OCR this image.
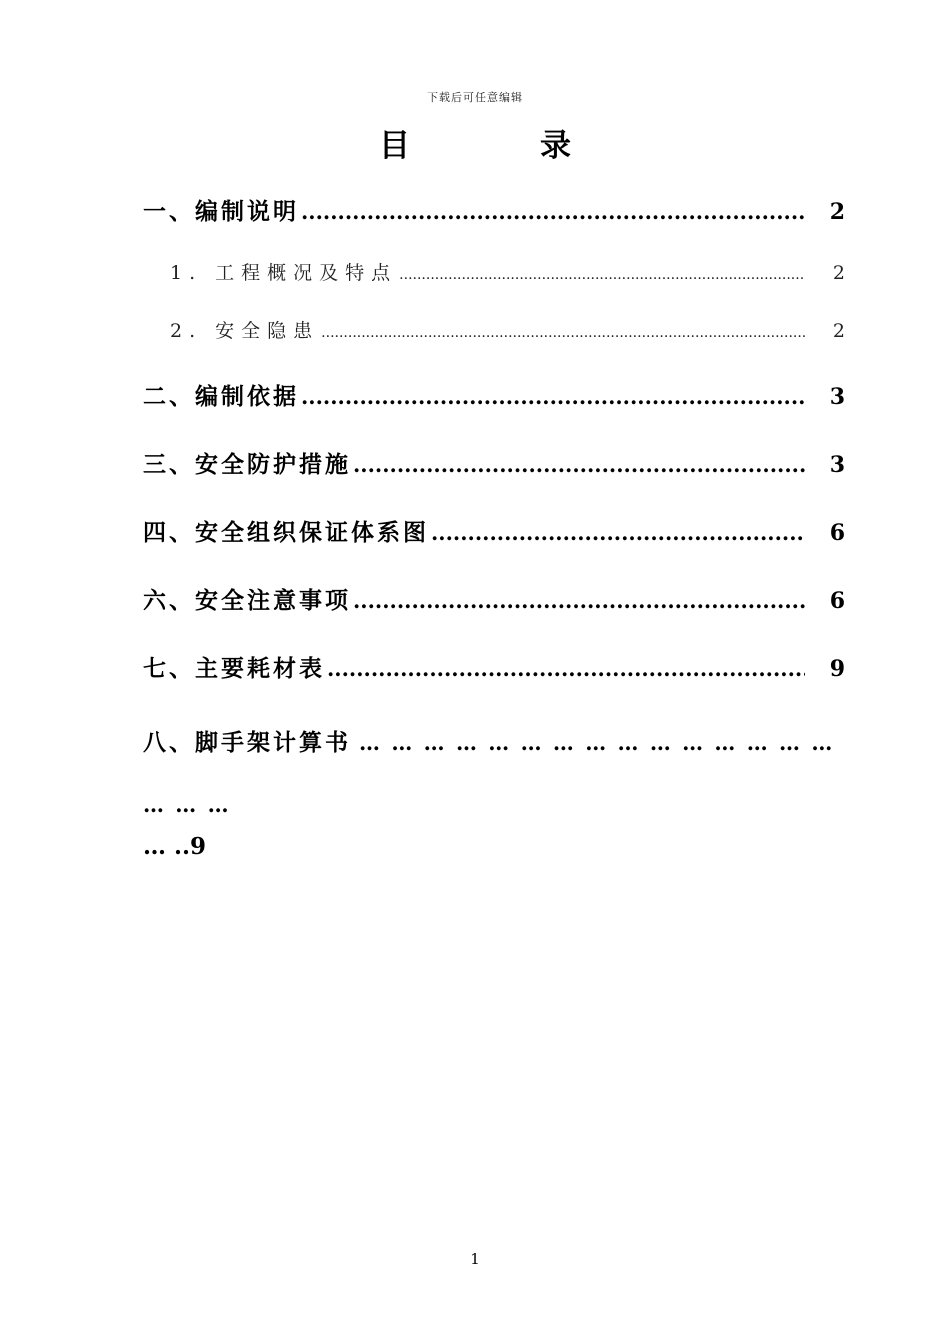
下载后可任意编辑
目	录
一、编制说明 .....	2
1. 工程概况及特点 .....	2
2. 安全隐患 .....	2
二、编制依据 .....	3
三、安全防护措施 .....	3
四、安全组织保证体系图 .....	6
六、安全注意事项 .....	6
七、主要耗材表 .....	9
八、脚手架计算书 … … … … … … … … … … … … … … … … … …
… ..9
1
